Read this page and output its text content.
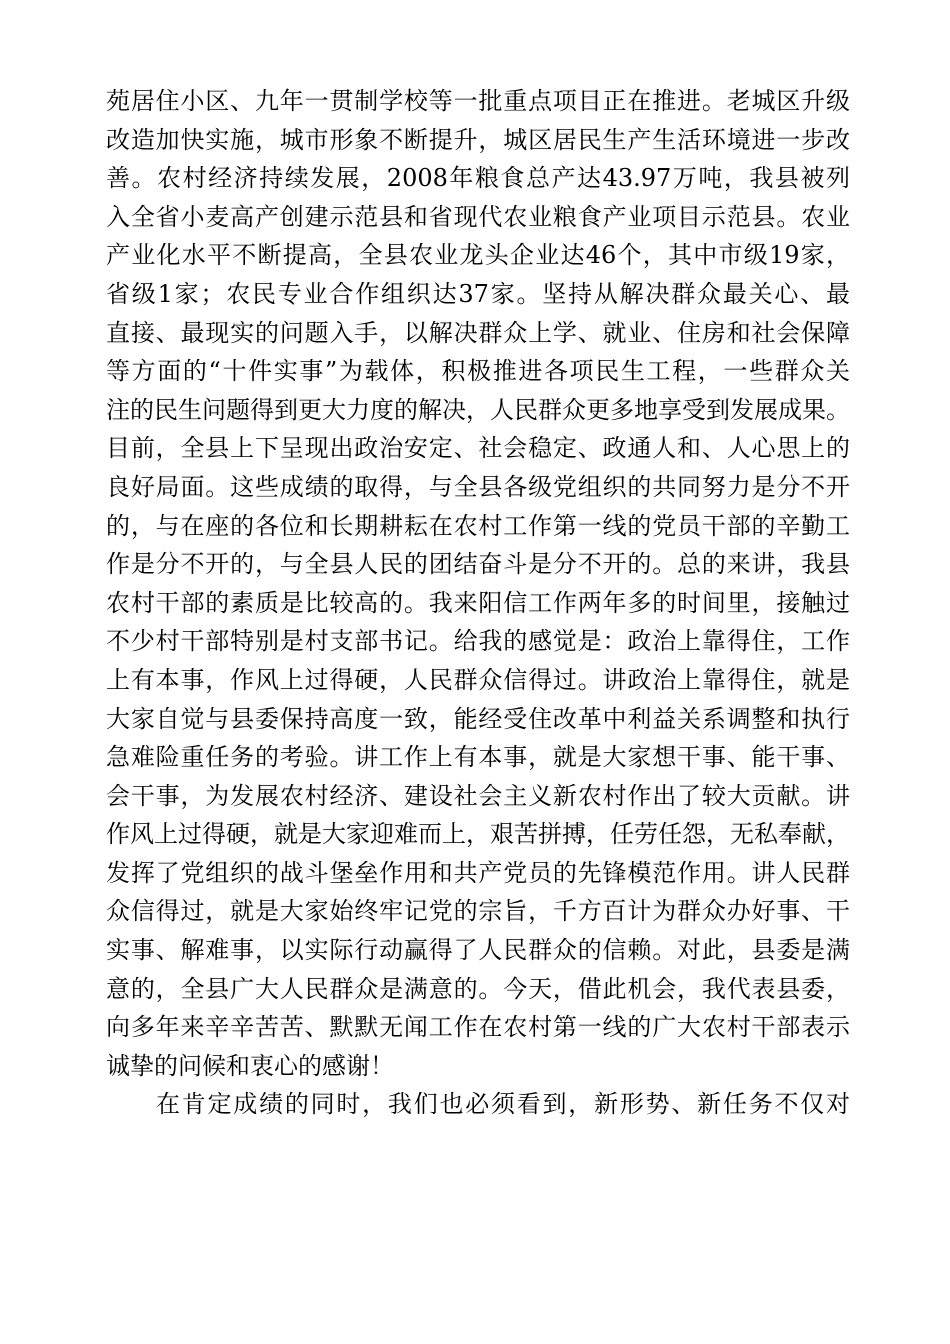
苑居住小区、九年一贯制学校等一批重点项目正在推进。老城区升级
改造加快实施，城市形象不断提升，城区居民生产生活环境进一步改
善。农村经济持续发展，2008年粮食总产达43.97万吨，我县被列
入全省小麦高产创建示范县和省现代农业粮食产业项目示范县。农业
产业化水平不断提高，全县农业龙头企业达46个，其中市级19家，
省级1家；农民专业合作组织达37家。坚持从解决群众最关心、最
直接、最现实的问题入手，以解决群众上学、就业、住房和社会保障
等方面的“十件实事”为载体，积极推进各项民生工程，一些群众关
注的民生问题得到更大力度的解决，人民群众更多地享受到发展成果。
目前，全县上下呈现出政治安定、社会稳定、政通人和、人心思上的
良好局面。这些成绩的取得，与全县各级党组织的共同努力是分不开
的，与在座的各位和长期耕耘在农村工作第一线的党员干部的辛勤工
作是分不开的，与全县人民的团结奋斗是分不开的。总的来讲，我县
农村干部的素质是比较高的。我来阳信工作两年多的时间里，接触过
不少村干部特别是村支部书记。给我的感觉是：政治上靠得住，工作
上有本事，作风上过得硬，人民群众信得过。讲政治上靠得住，就是
大家自觉与县委保持高度一致，能经受住改革中利益关系调整和执行
急难险重任务的考验。讲工作上有本事，就是大家想干事、能干事、
会干事，为发展农村经济、建设社会主义新农村作出了较大贡献。讲
作风上过得硬，就是大家迎难而上，艰苦拼搏，任劳任怨，无私奉献，
发挥了党组织的战斗堡垒作用和共产党员的先锋模范作用。讲人民群
众信得过，就是大家始终牢记党的宗旨，千方百计为群众办好事、干
实事、解难事，以实际行动赢得了人民群众的信赖。对此，县委是满
意的，全县广大人民群众是满意的。今天，借此机会，我代表县委，
向多年来辛辛苦苦、默默无闻工作在农村第一线的广大农村干部表示
诚挚的问候和衷心的感谢！
在肯定成绩的同时，我们也必须看到，新形势、新任务不仅对
